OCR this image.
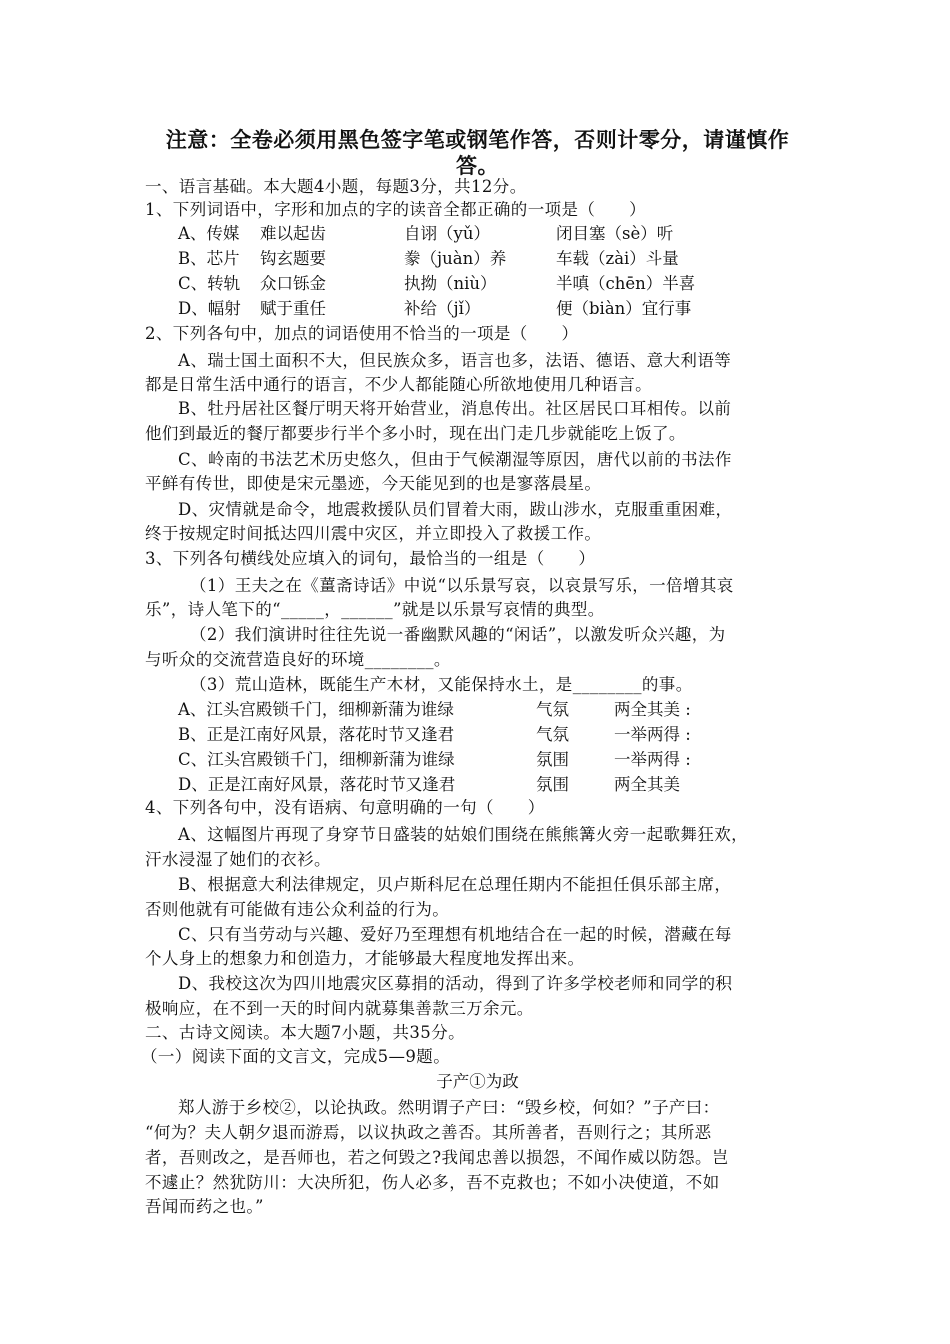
注意：全卷必须用黑色签字笔或钢笔作答，否则计零分，请谨慎作答。
一、语言基础。本大题4小题，每题3分，共12分。
1、下列词语中，字形和加点的字的读音全都正确的一项是（　　）
A、传媒 难以起齿	自诩（yǔ）	闭目塞（sè）听
B、芯片 钩玄题要	豢（juàn）养	车载（zài）斗量
C、转轨 众口铄金	执拗（niù）	半嗔（chēn）半喜
D、幅射 赋于重任	补给（jǐ）	便（biàn）宜行事
2、下列各句中，加点的词语使用不恰当的一项是（　　）
A、瑞士国土面积不大，但民族众多，语言也多，法语、德语、意大利语等
都是日常生活中通行的语言，不少人都能随心所欲地使用几种语言。
B、牡丹居社区餐厅明天将开始营业，消息传出。社区居民口耳相传。以前
他们到最近的餐厅都要步行半个多小时，现在出门走几步就能吃上饭了。
C、岭南的书法艺术历史悠久，但由于气候潮湿等原因，唐代以前的书法作
平鲜有传世，即使是宋元墨迹，今天能见到的也是寥落晨星。
D、灾情就是命令，地震救援队员们冒着大雨，跋山涉水，克服重重困难，
终于按规定时间抵达四川震中灾区，并立即投入了救援工作。
3、下列各句横线处应填入的词句，最恰当的一组是（　　）
（1）王夫之在《薑斋诗话》中说“以乐景写哀，以哀景写乐，一倍增其哀
乐”，诗人笔下的“_____，______”就是以乐景写哀情的典型。
（2）我们演讲时往往先说一番幽默风趣的“闲话”，以激发听众兴趣，为
与听众的交流营造良好的环境________。
（3）荒山造林，既能生产木材，又能保持水土，是________的事。
A、江头宫殿锁千门，细柳新蒲为谁绿	气氛	两全其美 :
B、正是江南好风景，落花时节又逢君	气氛	一举两得 :
C、江头宫殿锁千门，细柳新蒲为谁绿	氛围	一举两得 :
D、正是江南好风景，落花时节又逢君	氛围	两全其美
4、下列各句中，没有语病、句意明确的一句（　　）
A、这幅图片再现了身穿节日盛装的姑娘们围绕在熊熊篝火旁一起歌舞狂欢，
汗水浸湿了她们的衣衫。
B、根据意大利法律规定，贝卢斯科尼在总理任期内不能担任俱乐部主席，
否则他就有可能做有违公众利益的行为。
C、只有当劳动与兴趣、爱好乃至理想有机地结合在一起的时候，潜藏在每
个人身上的想象力和创造力，才能够最大程度地发挥出来。
D、我校这次为四川地震灾区募捐的活动，得到了许多学校老师和同学的积
极响应，在不到一天的时间内就募集善款三万余元。
二、古诗文阅读。本大题7小题，共35分。
（一）阅读下面的文言文，完成5—9题。
子产①为政
郑人游于乡校②，以论执政。然明谓子产曰：“毁乡校，何如？”子产曰：
“何为？夫人朝夕退而游焉，以议执政之善否。其所善者，吾则行之；其所恶
者，吾则改之，是吾师也，若之何毁之?我闻忠善以损怨，不闻作威以防怨。岂
不遽止？然犹防川：大决所犯，伤人必多，吾不克救也；不如小决使道，不如
吾闻而药之也。”
